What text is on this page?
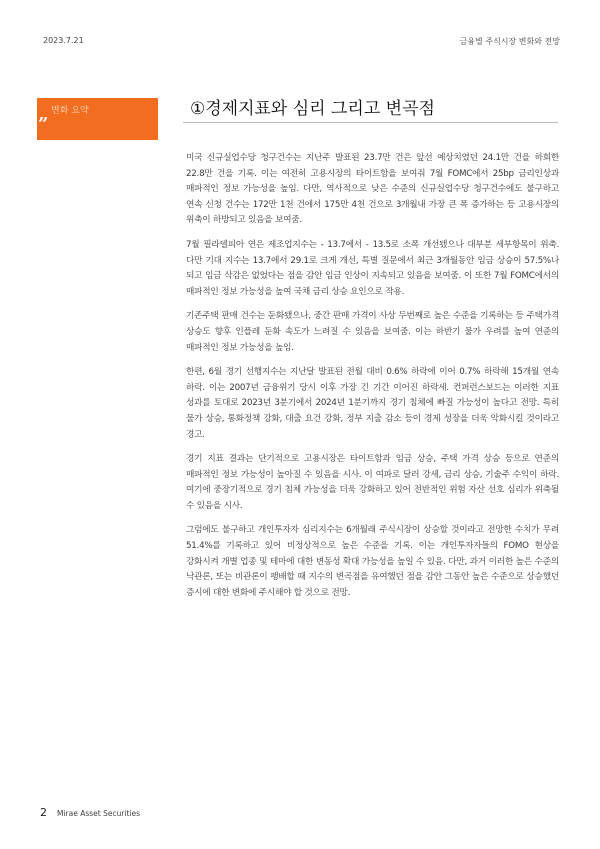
2023.7.21	금융별 주식시장 변화와 전망
변화 요약
”
①경제지표와 심리 그리고 변곡점

미국 신규실업수당 청구건수는 지난주 발표된 23.7만 건은 앞선 예상치였던 24.1만 건을 하회한 22.8만 건을 기록. 이는 여전히 고용시장의 타이트함을 보여줘 7월 FOMC에서 25bp 금리인상과 매파적인 정보 가능성을 높임. 다만, 역사적으로 낮은 수준의 신규실업수당 청구건수에도 불구하고 연속 신청 건수는 172만 1천 건에서 175만 4천 건으로 3개월내 가장 큰 폭 증가하는 등 고용시장의 위축이 하방되고 있음을 보여줌.

7월 필라델피아 연은 제조업지수는 - 13.7에서 - 13.5로 소폭 개선됐으나 대부분 세부항목이 위축. 다만 기대 지수는 13.7에서 29.1로 크게 개선, 특별 질문에서 최근 3개월동안 임금 상승이 57.5%나 되고 임금 삭감은 없었다는 점을 감안 임금 인상이 지속되고 있음을 보여줌. 이 또한 7월 FOMC에서의 매파적인 정보 가능성을 높여 국채 금리 상승 요인으로 작용.

기존주택 판매 건수는 둔화됐으나, 중간 판매 가격이 사상 두번째로 높은 수준을 기록하는 등 주택가격 상승도 향후 인플레 둔화 속도가 느려질 수 있음을 보여줌. 이는 하반기 물가 우려를 높여 연준의 매파적인 정보 가능성을 높임.

한편, 6월 경기 선행지수는 지난달 발표된 전월 대비 0.6% 하락에 이어 0.7% 하락해 15개월 연속 하락. 이는 2007년 금융위기 당시 이후 가장 긴 기간 이어진 하락세. 컨퍼런스보드는 이러한 지표 성과를 토대로 2023년 3분기에서 2024년 1분기까지 경기 침체에 빠질 가능성이 높다고 전망. 특히 물가 상승, 통화정책 강화, 대출 요건 강화, 정부 지출 감소 등이 경제 성장을 더욱 악화시킬 것이라고 경고.

경기 지표 결과는 단기적으로 고용시장은 타이트함과 임금 상승, 주택 가격 상승 등으로 연준의 매파적인 정보 가능성이 높아질 수 있음을 시사. 이 여파로 달러 강세, 금리 상승, 기술주 수익이 하락. 여기에 중장기적으로 경기 침체 가능성을 더욱 강화하고 있어 전반적인 위험 자산 선호 심리가 위축될 수 있음을 시사.

그럼에도 불구하고 개인투자자 심리지수는 6개월래 주식시장이 상승할 것이라고 전망한 수치가 무려 51.4%를 기록하고 있어 비정상적으로 높은 수준을 기록. 이는 개인투자자들의 FOMO 현상을 강화시켜 개별 업종 및 테마에 대한 변동성 확대 가능성을 높일 수 있음. 다만, 과거 이러한 높은 수준의 낙관론, 또는 비관론이 팽배할 때 지수의 변곡점을 유여했던 점을 감안 그동안 높은 수준으로 상승했던 증시에 대한 변화에 주시해야 할 것으로 전망.

2 Mirae Asset Securities
